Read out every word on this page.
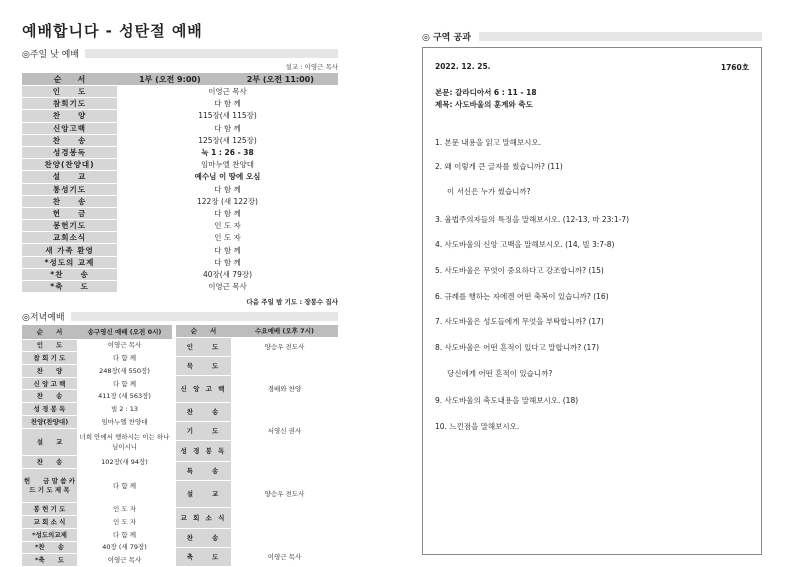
예배합니다 - 성탄절 예배
◎주일 낮 예배
설교 : 이영근 목사
순　　서	1부 (오전 9:00)	2부 (오전 11:00)
인　　도	이영근 목사	
참회기도	다 함 께	
찬　　양	115장(새 115장)	
신앙고백	다 함 께	
찬　　송	125장(새 125장)	
성경봉독	눅 1 : 26 - 38	
찬양(찬양대)	임마누엘 찬양대	
설　　교	예수님 이 땅에 오심	
통성기도	다 함 께	
찬　　송	122장 (새 122장)	
헌　　금	다 함 께	
봉헌기도	인 도 자	
교회소식	인 도 자	
새 가족 환영	다 함 께	
*성도의 교제	다 함 께	
*찬　　송	40장(새 79장)	
*축　　도	이영근 목사	
다음 주일 밤 기도 : 장봉수 집사
◎저녁예배
순　　서	송구영신 예배 (오전 0시)
인　　도	이영근 목사
참 회 기 도	다 함 께
찬　　양	248장(새 550장)
신 앙 고 백	다 함 께
찬　　송	411장 (새 563장)
성 경 봉 독	빌 2 : 13
찬양(찬양대)	임마누엘 찬양대
설　　교	너희 안에서 행하시는 이는 하나님이시니
찬　　송	102장(새 94장)
헌　　금 말 씀 카 드 기 도 제 목	다 함 께
봉 헌 기 도	인 도 자
교 회 소 식	인 도 자
*성도의교제	다 함 께
*찬　　송	40장 (새 79장)
*축　　도	이영근 목사
순　　서	수요예배 (오후 7시)
인　　도	양승우 전도사
묵　　도	
신 앙 고 백	경배와 찬양
찬　　송	
기　　도	서영신 권사
성 경 봉 독	
특　　송	
설　　교	양승우 전도사
교 회 소 식	
찬　　송	
축　　도	이영근 목사
◎ 구역 공과
2022. 12. 25.	1760호
본문: 갈라디아서 6 : 11 - 18
제목: 사도바울의 훈계와 축도
1. 본문 내용을 읽고 말해보시오.
2. 왜 이렇게 큰 글자를 썼습니까? (11)
이 서신은 누가 썼습니까?
3. 율법주의자들의 특징을 말해보시오. (12-13, 마 23:1-7)
4. 사도바울의 신앙 고백을 말해보시오. (14, 빌 3:7-8)
5. 사도바울은 무엇이 중요하다고 강조합니까? (15)
6. 규례를 행하는 자에겐 어떤 축복이 있습니까? (16)
7. 사도바울은 성도들에게 무엇을 부탁합니까? (17)
8. 사도바울은 어떤 흔적이 있다고 말합니까? (17)
당신에게 어떤 흔적이 있습니까?
9. 사도바울의 축도내용을 말해보시오. (18)
10. 느낀점을 말해보시오.
